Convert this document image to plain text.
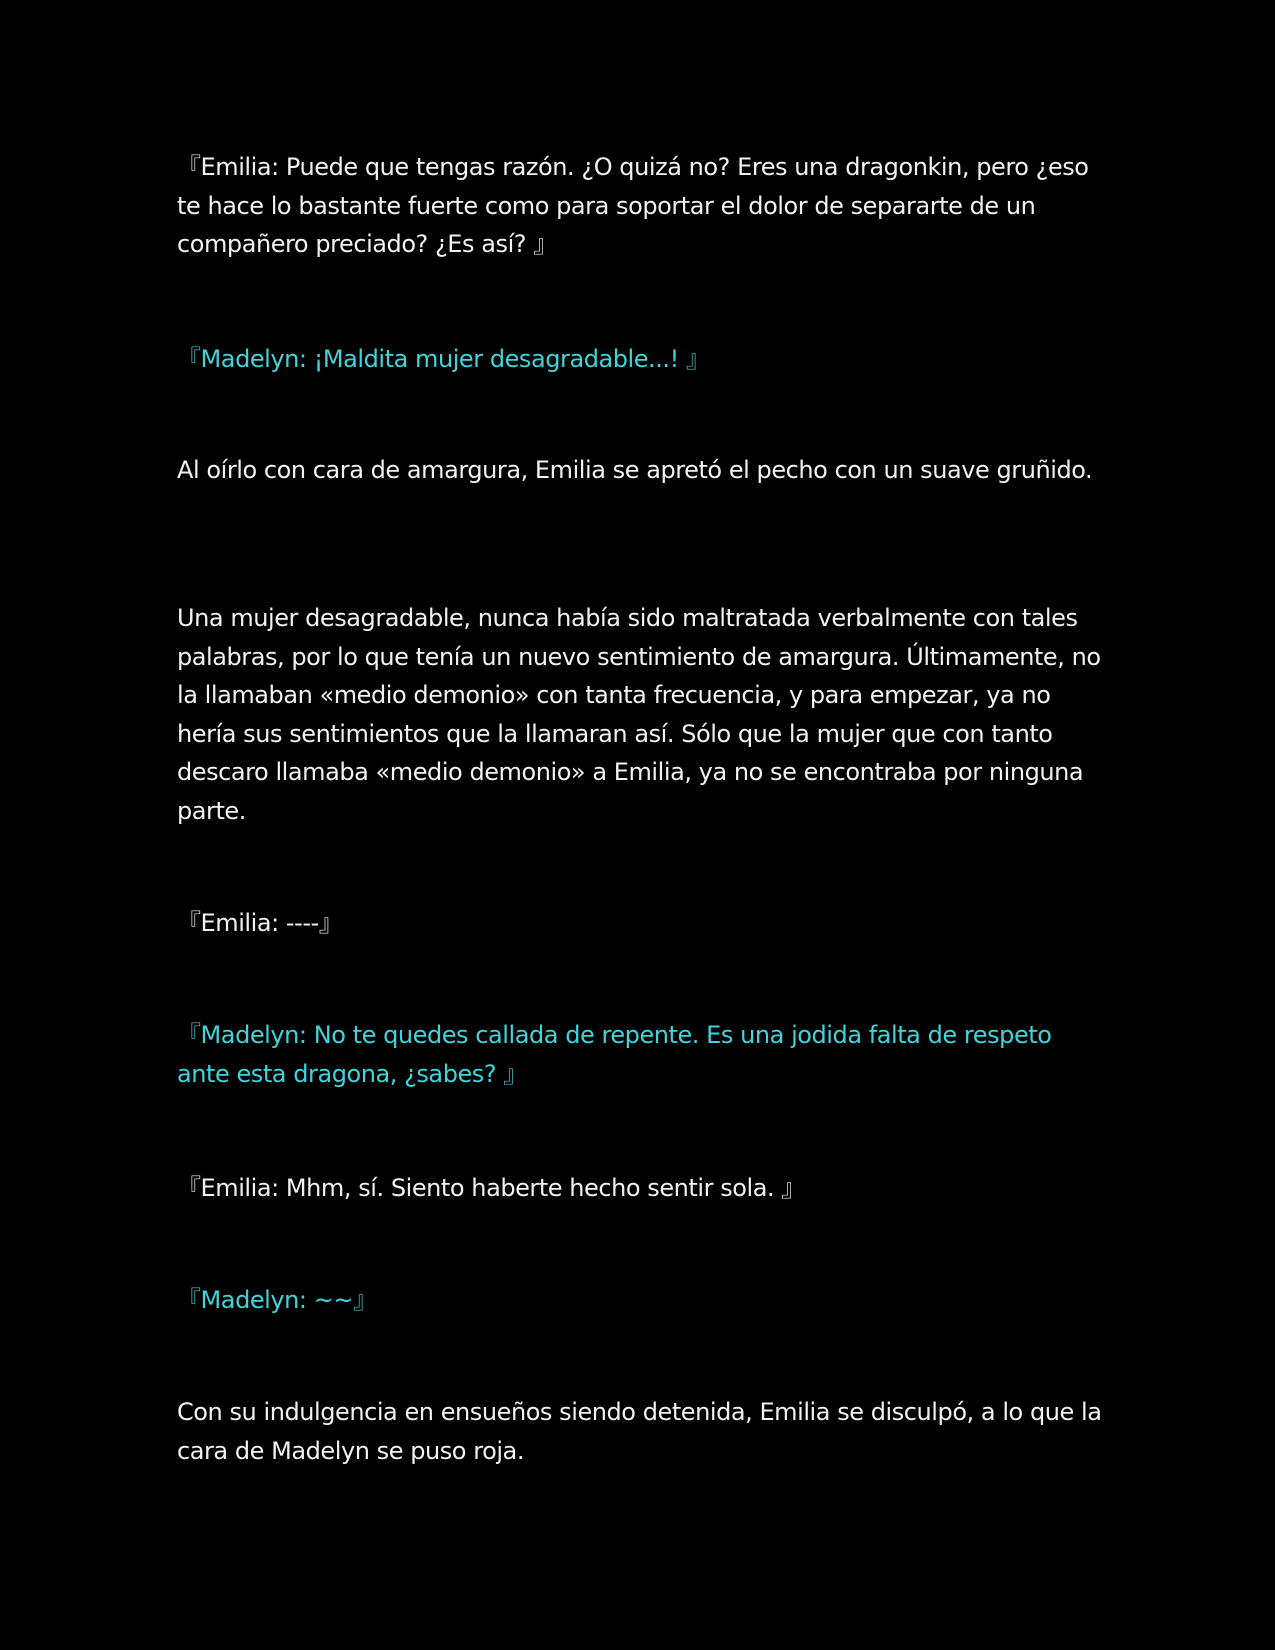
『Emilia: Puede que tengas razón. ¿O quizá no? Eres una dragonkin, pero ¿eso te hace lo bastante fuerte como para soportar el dolor de separarte de un compañero preciado? ¿Es así? 』

『Madelyn: ¡Maldita mujer desagradable...! 』

Al oírlo con cara de amargura, Emilia se apretó el pecho con un suave gruñido.

Una mujer desagradable, nunca había sido maltratada verbalmente con tales palabras, por lo que tenía un nuevo sentimiento de amargura. Últimamente, no la llamaban «medio demonio» con tanta frecuencia, y para empezar, ya no hería sus sentimientos que la llamaran así. Sólo que la mujer que con tanto descaro llamaba «medio demonio» a Emilia, ya no se encontraba por ninguna parte.

『Emilia: ----』

『Madelyn: No te quedes callada de repente. Es una jodida falta de respeto ante esta dragona, ¿sabes? 』

『Emilia: Mhm, sí. Siento haberte hecho sentir sola. 』

『Madelyn: ~~』

Con su indulgencia en ensueños siendo detenida, Emilia se disculpó, a lo que la cara de Madelyn se puso roja.
